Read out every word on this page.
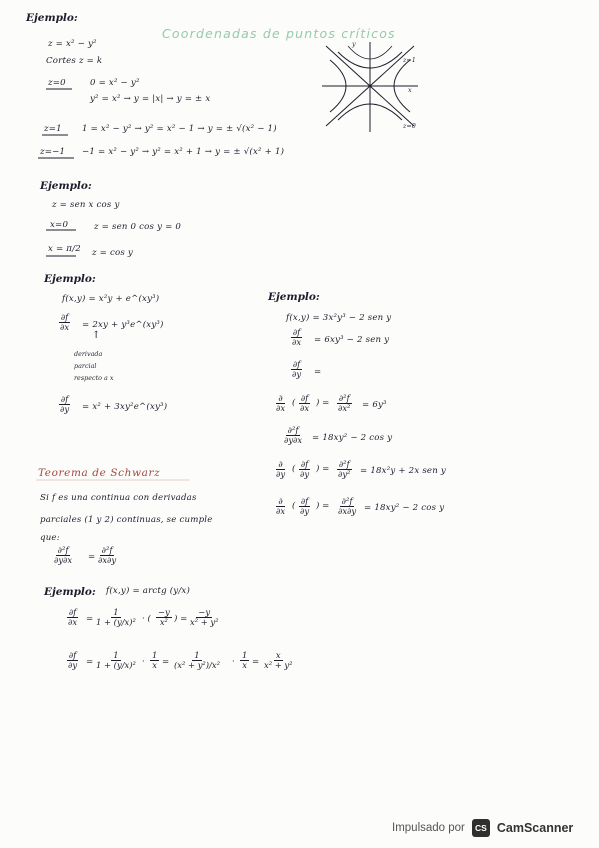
Coordenadas de puntos críticos
Ejemplo:
z = x² − y²
Cortes z = k
z=0	0 = x² − y²
y² = x² → y = |x| → y = ± x
z=1 1 = x² − y² → y² = x² − 1 → y = ± √(x² − 1)
z=−1 −1 = x² − y² → y² = x² + 1 → y = ± √(x² + 1)
y
x
z=1
z=0
Ejemplo:
z = sen x cos y
x=0	z = sen 0 cos y = 0
x = π/2 z = cos y
Ejemplo:
f(x,y) = x²y + e^(xy³)
$\frac{\partial f}{\partial x} = 2xy$ + y³e^(xy³)
↑
derivada
parcial
respecto a x
$\frac{\partial f}{\partial y} = x^2$ + 3xy²e^(xy³)
Ejemplo:
f(x,y) = 3x²y³ − 2 sen y
$\frac{\partial f}{\partial x} = 6xy^3 - 2$ sen y
$\frac{\partial f}{\partial y}$ =
∂
∂x
( $\frac{\partial f}{\partial x}$ ) = $\frac{\text{∂²f}}{\text{∂x²}} = 6y^3$
$\frac{\text{∂²f}}{\partial y\partial x} = 18xy^2 - 2$ cos y
∂
∂y
( $\frac{\partial f}{\partial y}$ ) = $\frac{\text{∂²f}}{\text{∂y²}} = 18x^2y + 2x$ sen y
∂
∂x
( $\frac{\partial f}{\partial y}$ ) = $\frac{\text{∂²f}}{\partial x\partial y} = 18xy^2 - 2$ cos y
Teorema de Schwarz
Si f es una continua con derivadas
parciales (1 y 2) continuas, se cumple
que:
$\frac{\text{∂²f}}{\partial y\partial x} = \frac{\text{∂²f}}{\partial x\partial y}$
Ejemplo: f(x,y) = arctg (y/x)
$\frac{\partial f}{\partial x} = \frac{1}{\text{1 + (y/x)²}}$ · ( $\frac{-y}{\text{x²}}$ ) = $\frac{-y}{\text{x² + y²}}$
$\frac{\partial f}{\partial y} = \frac{1}{\text{1 + (y/x)²}} \cdot \frac{1}{x} = \frac{1}{\text{(x² + y²)/x²}} \cdot \frac{1}{x} = \frac{x}{\text{x² + y²}}$
Impulsado por	CS CamScanner
